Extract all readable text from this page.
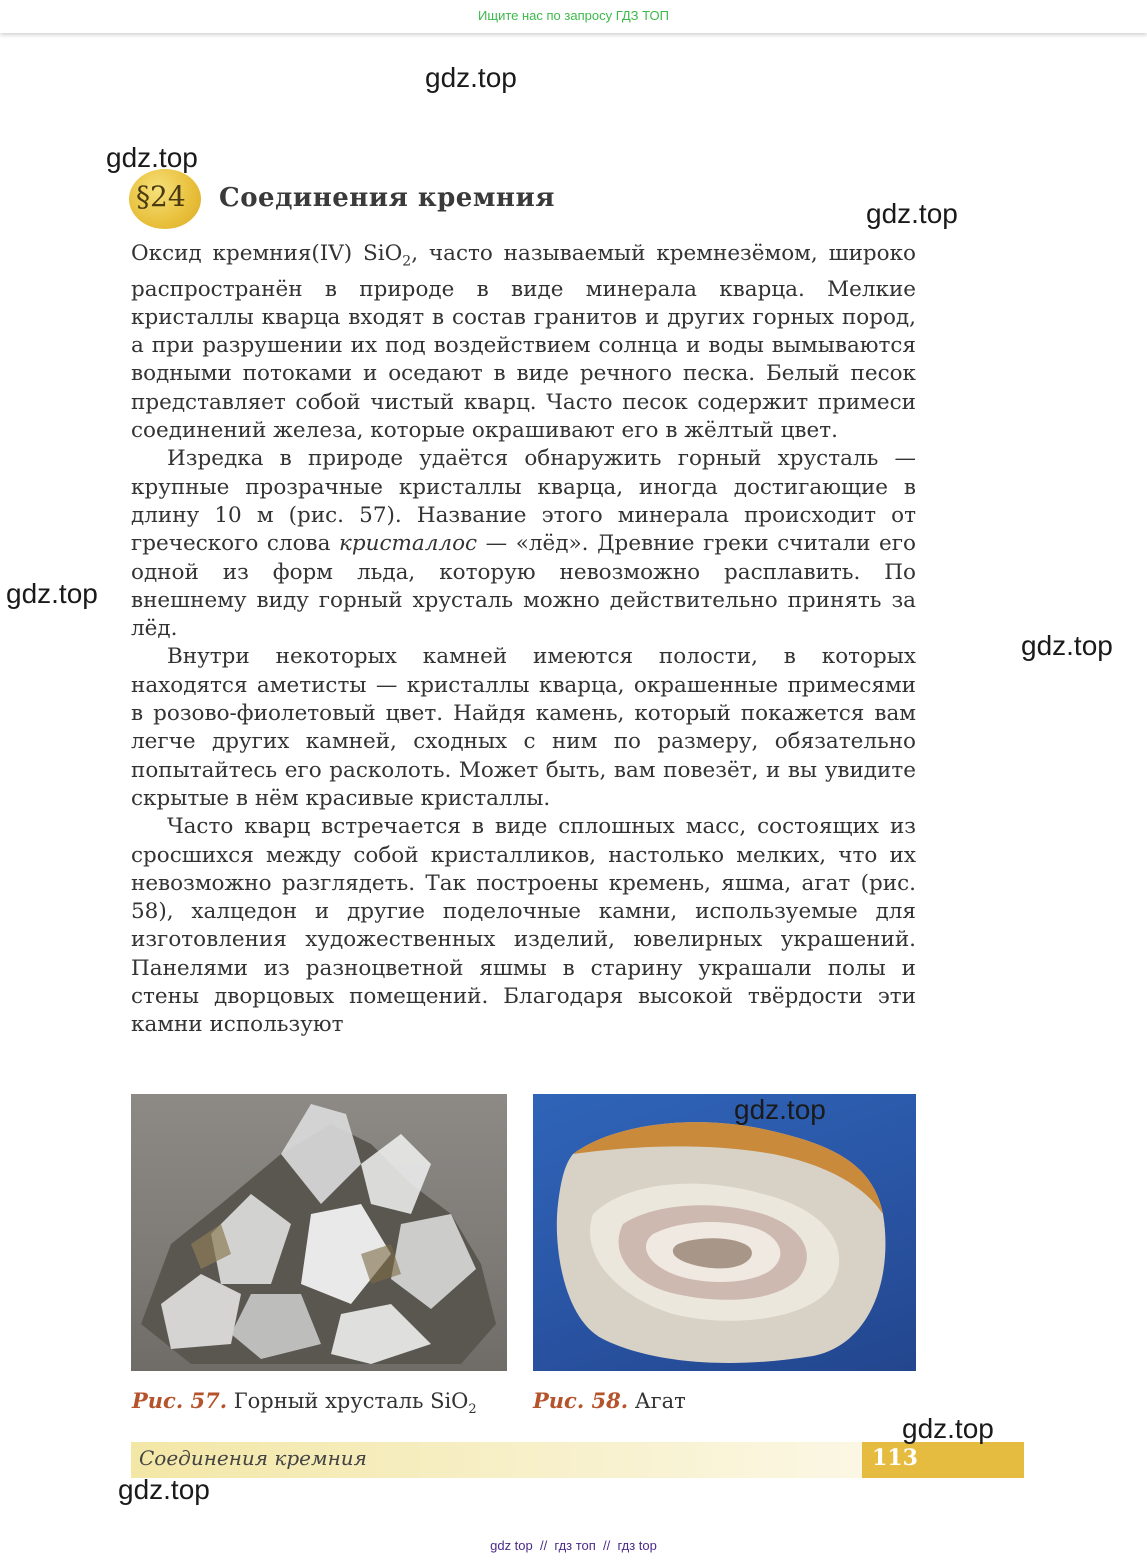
Ищите нас по запросу ГДЗ ТОП
gdz.top
gdz.top
gdz.top
gdz.top
gdz.top
gdz.top
gdz.top
gdz.top
§24 Соединения кремния

Оксид кремния(IV) SiO$_2$, часто называемый кремнезёмом, широко распространён в природе в виде минерала кварца. Мелкие кристаллы кварца входят в состав гранитов и других горных пород, а при разрушении их под воздействием солнца и воды вымываются водными потоками и оседают в виде речного песка. Белый песок представляет собой чистый кварц. Часто песок содержит примеси соединений железа, которые окрашивают его в жёлтый цвет.

Изредка в природе удаётся обнаружить горный хрусталь — крупные прозрачные кристаллы кварца, иногда достигающие в длину 10 м (рис. 57). Название этого минерала происходит от греческого слова кристаллос — «лёд». Древние греки считали его одной из форм льда, которую невозможно расплавить. По внешнему виду горный хрусталь можно действительно принять за лёд.

Внутри некоторых камней имеются полости, в которых находятся аметисты — кристаллы кварца, окрашенные примесями в розово-фиолетовый цвет. Найдя камень, который покажется вам легче других камней, сходных с ним по размеру, обязательно попытайтесь его расколоть. Может быть, вам повезёт, и вы увидите скрытые в нём красивые кристаллы.

Часто кварц встречается в виде сплошных масс, состоящих из сросшихся между собой кристалликов, настолько мелких, что их невозможно разглядеть. Так построены кремень, яшма, агат (рис. 58), халцедон и другие поделочные камни, используемые для изготовления художественных изделий, ювелирных украшений. Панелями из разноцветной яшмы в старину украшали полы и стены дворцовых помещений. Благодаря высокой твёрдости эти камни используют

Рис. 57. Горный хрусталь SiO$_2$	Рис. 58. Агат
Соединения кремния	113
gdz top  //  гдз топ  //  гдз top
